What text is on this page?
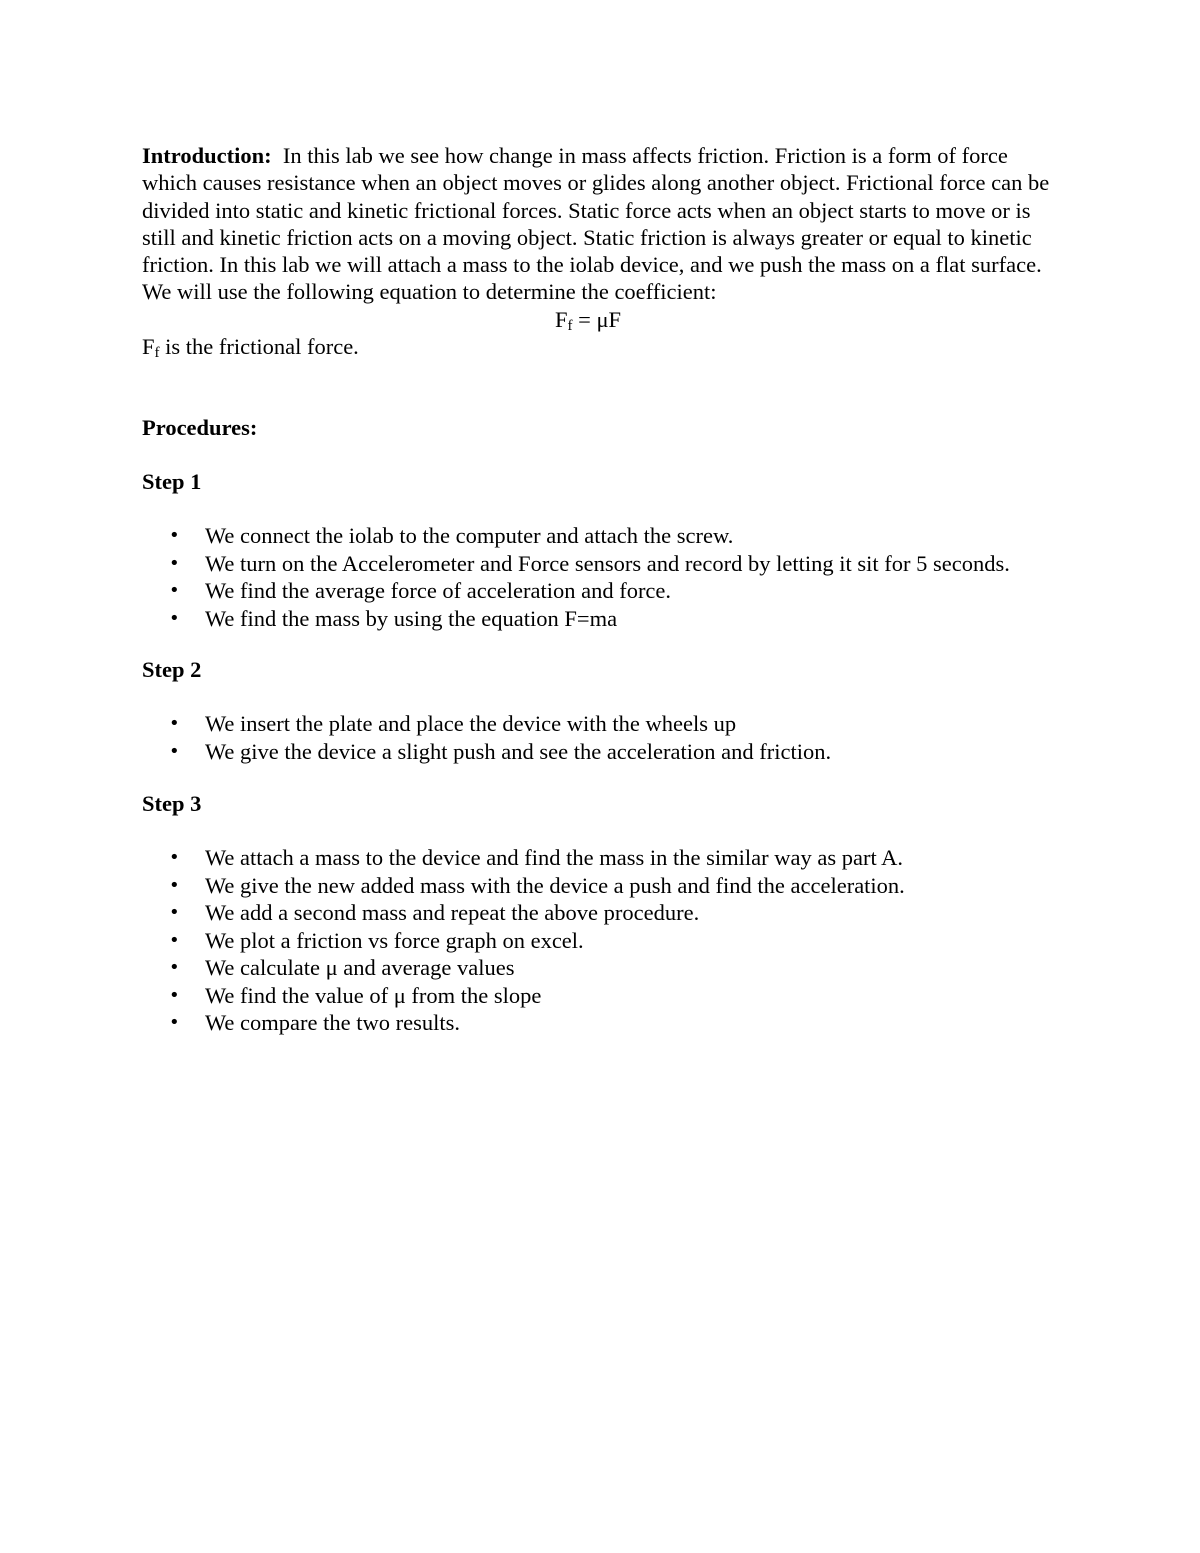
Introduction: In this lab we see how change in mass affects friction. Friction is a form of force which causes resistance when an object moves or glides along another object. Frictional force can be divided into static and kinetic frictional forces. Static force acts when an object starts to move or is still and kinetic friction acts on a moving object. Static friction is always greater or equal to kinetic friction. In this lab we will attach a mass to the iolab device, and we push the mass on a flat surface. We will use the following equation to determine the coefficient:

$F_f = \mu F$

$F_f$ is the frictional force.

Procedures:

Step 1

• We connect the iolab to the computer and attach the screw.
• We turn on the Accelerometer and Force sensors and record by letting it sit for 5 seconds.
• We find the average force of acceleration and force.
• We find the mass by using the equation F=ma

Step 2

• We insert the plate and place the device with the wheels up
• We give the device a slight push and see the acceleration and friction.

Step 3

• We attach a mass to the device and find the mass in the similar way as part A.
• We give the new added mass with the device a push and find the acceleration.
• We add a second mass and repeat the above procedure.
• We plot a friction vs force graph on excel.
• We calculate μ and average values
• We find the value of μ from the slope
• We compare the two results.
